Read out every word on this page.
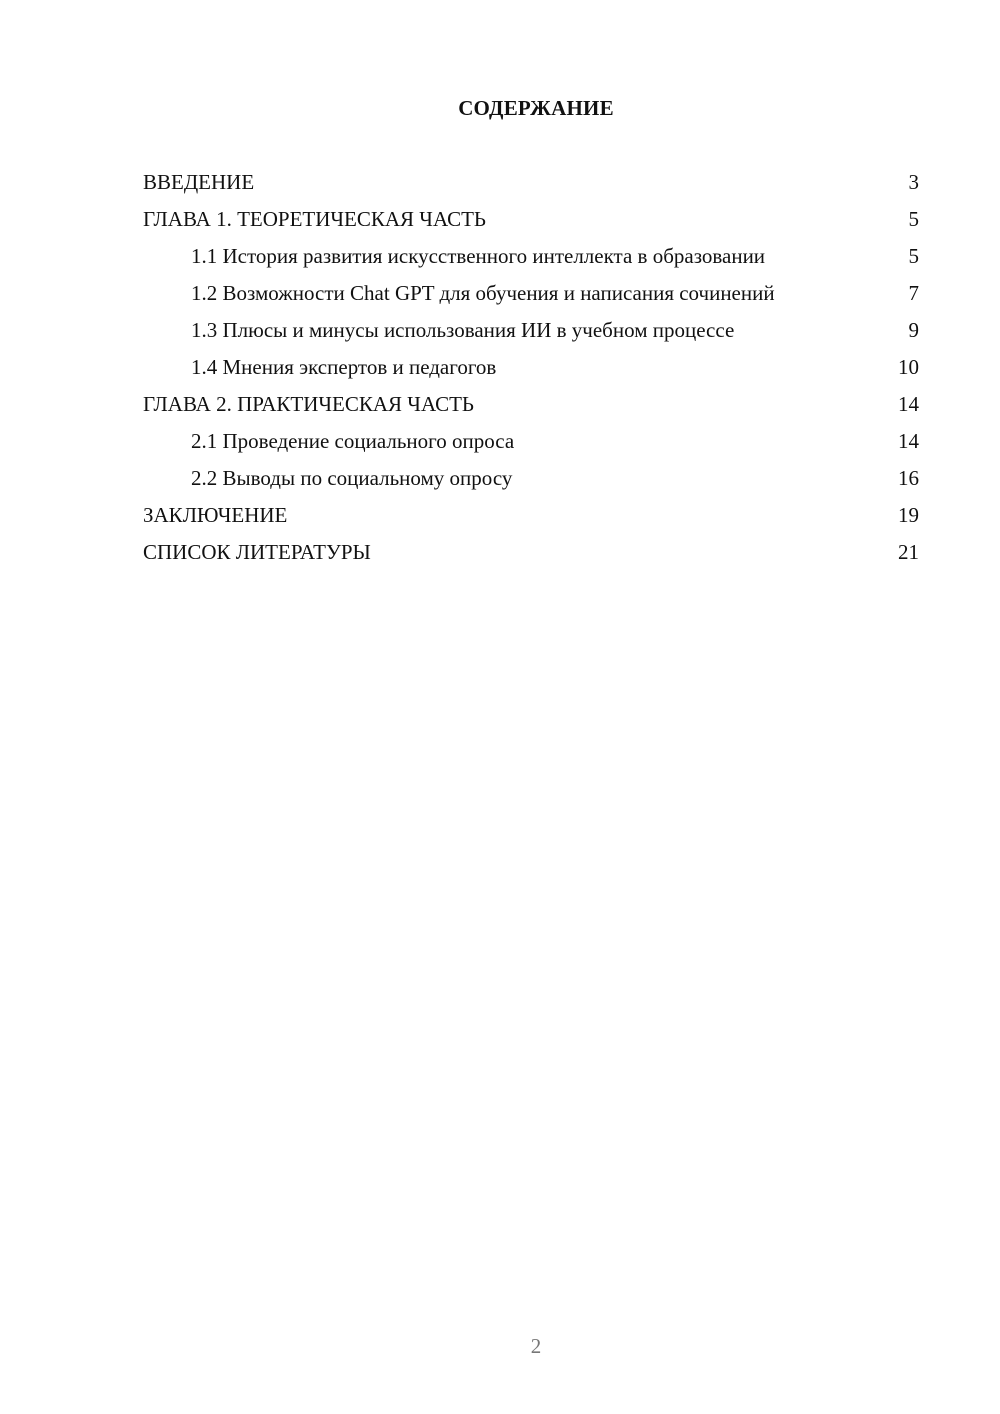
СОДЕРЖАНИЕ
ВВЕДЕНИЕ	3
ГЛАВА 1. ТЕОРЕТИЧЕСКАЯ ЧАСТЬ	5
1.1 История развития искусственного интеллекта в образовании	5
1.2 Возможности Chat GPT для обучения и написания сочинений	7
1.3 Плюсы и минусы использования ИИ в учебном процессе	9
1.4 Мнения экспертов и педагогов	10
ГЛАВА 2. ПРАКТИЧЕСКАЯ ЧАСТЬ	14
2.1 Проведение социального опроса	14
2.2 Выводы по социальному опросу	16
ЗАКЛЮЧЕНИЕ	19
СПИСОК ЛИТЕРАТУРЫ	21
2
